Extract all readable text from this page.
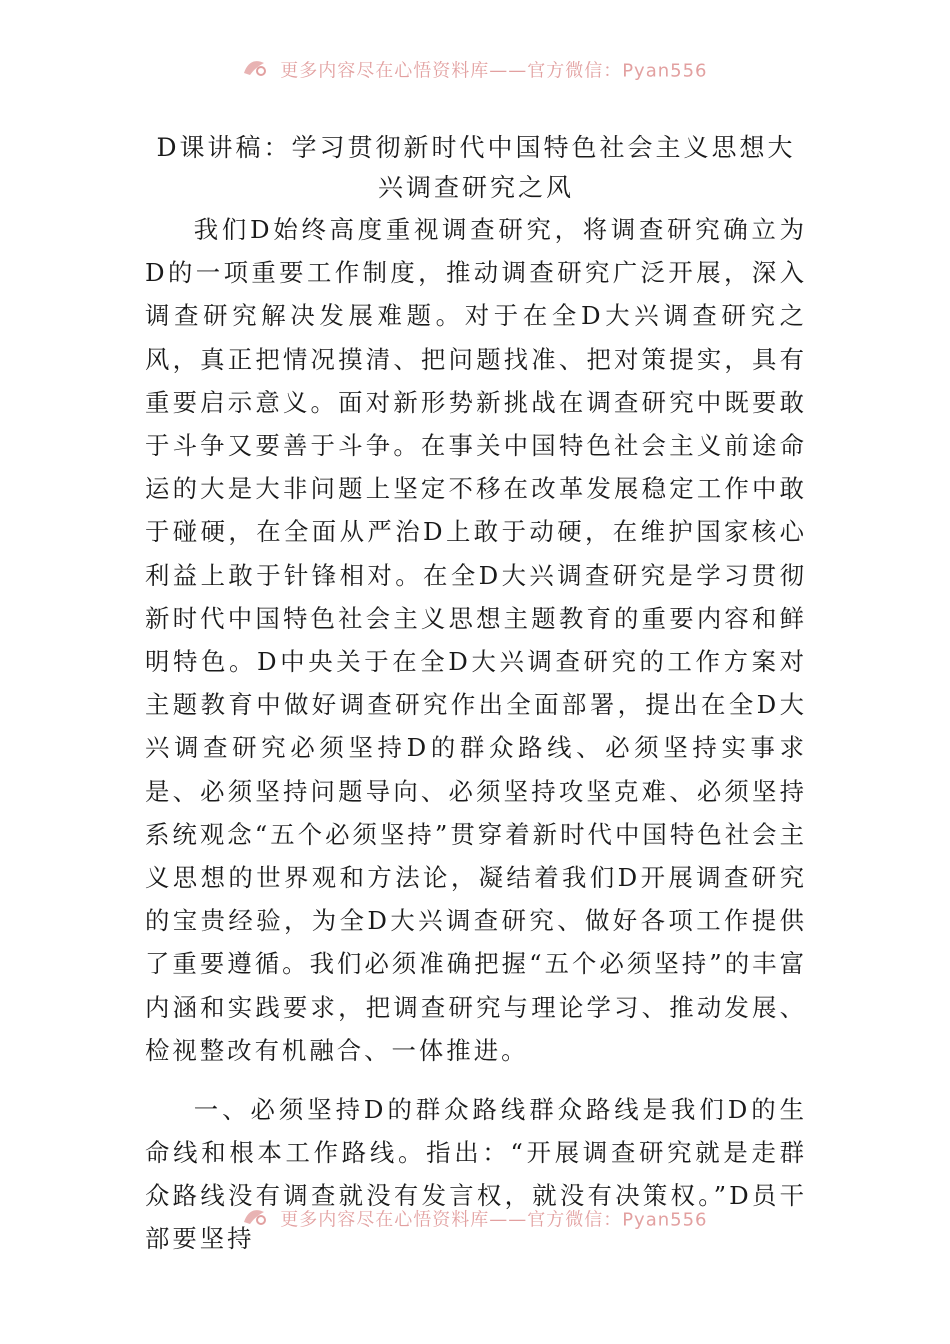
更多内容尽在心悟资料库——官方微信：Pyan556
D课讲稿：学习贯彻新时代中国特色社会主义思想大兴调查研究之风

我们D始终高度重视调查研究，将调查研究确立为D的一项重要工作制度，推动调查研究广泛开展，深入调查研究解决发展难题。对于在全D大兴调查研究之风，真正把情况摸清、把问题找准、把对策提实，具有重要启示意义。面对新形势新挑战在调查研究中既要敢于斗争又要善于斗争。在事关中国特色社会主义前途命运的大是大非问题上坚定不移在改革发展稳定工作中敢于碰硬，在全面从严治D上敢于动硬，在维护国家核心利益上敢于针锋相对。在全D大兴调查研究是学习贯彻新时代中国特色社会主义思想主题教育的重要内容和鲜明特色。D中央关于在全D大兴调查研究的工作方案对主题教育中做好调查研究作出全面部署，提出在全D大兴调查研究必须坚持D的群众路线、必须坚持实事求是、必须坚持问题导向、必须坚持攻坚克难、必须坚持系统观念“五个必须坚持”贯穿着新时代中国特色社会主义思想的世界观和方法论，凝结着我们D开展调查研究的宝贵经验，为全D大兴调查研究、做好各项工作提供了重要遵循。我们必须准确把握“五个必须坚持”的丰富内涵和实践要求，把调查研究与理论学习、推动发展、检视整改有机融合、一体推进。

一、必须坚持D的群众路线群众路线是我们D的生命线和根本工作路线。指出：“开展调查研究就是走群众路线没有调查就没有发言权，就没有决策权。”D员干部要坚持

更多内容尽在心悟资料库——官方微信：Pyan556
